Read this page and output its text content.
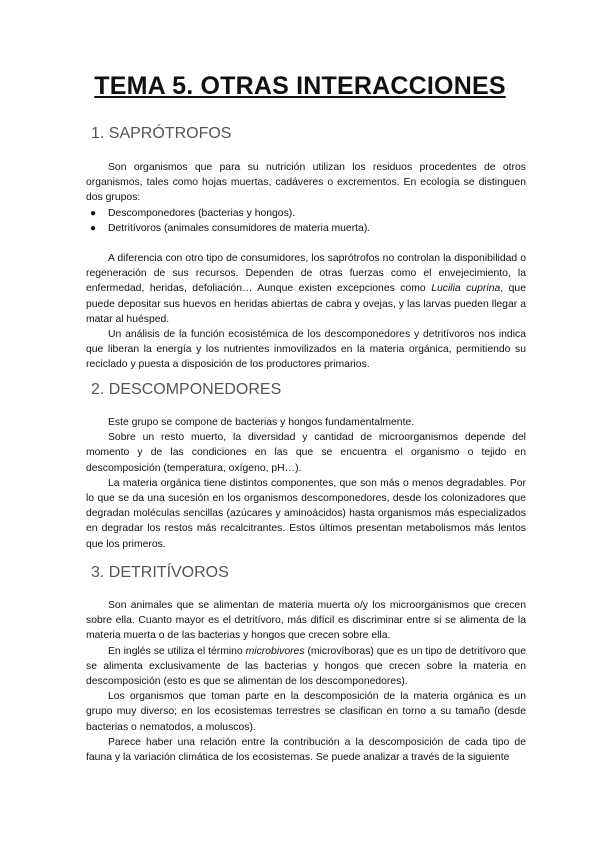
TEMA 5. OTRAS INTERACCIONES
1. SAPRÓTROFOS

Son organismos que para su nutrición utilizan los residuos procedentes de otros organismos, tales como hojas muertas, cadáveres o excrementos. En ecología se distinguen dos grupos:

● Descomponedores (bacterias y hongos).
● Detritívoros (animales consumidores de materia muerta).

A diferencia con otro tipo de consumidores, los saprótrofos no controlan la disponibilidad o regeneración de sus recursos. Dependen de otras fuerzas como el envejecimiento, la enfermedad, heridas, defoliación… Aunque existen excepciones como Lucilia cuprina, que puede depositar sus huevos en heridas abiertas de cabra y ovejas, y las larvas pueden llegar a matar al huésped.

Un análisis de la función ecosistémica de los descomponedores y detritívoros nos indica que liberan la energía y los nutrientes inmovilizados en la materia orgánica, permitiendo su reciclado y puesta a disposición de los productores primarios.

2. DESCOMPONEDORES

Este grupo se compone de bacterias y hongos fundamentalmente.

Sobre un resto muerto, la diversidad y cantidad de microorganismos depende del momento y de las condiciones en las que se encuentra el organismo o tejido en descomposición (temperatura, oxígeno, pH…).

La materia orgánica tiene distintos componentes, que son más o menos degradables. Por lo que se da una sucesión en los organismos descomponedores, desde los colonizadores que degradan moléculas sencillas (azúcares y aminoácidos) hasta organismos más especializados en degradar los restos más recalcitrantes. Estos últimos presentan metabolismos más lentos que los primeros.

3. DETRITÍVOROS

Son animales que se alimentan de materia muerta o/y los microorganismos que crecen sobre ella. Cuanto mayor es el detritívoro, más difícil es discriminar entre si se alimenta de la materia muerta o de las bacterias y hongos que crecen sobre ella.

En inglés se utiliza el término microbivores (microvíboras) que es un tipo de detritívoro que se alimenta exclusivamente de las bacterias y hongos que crecen sobre la materia en descomposición (esto es que se alimentan de los descomponedores).

Los organismos que toman parte en la descomposición de la materia orgánica es un grupo muy diverso; en los ecosistemas terrestres se clasifican en torno a su tamaño (desde bacterias o nematodos, a moluscos).

Parece haber una relación entre la contribución a la descomposición de cada tipo de fauna y la variación climática de los ecosistemas. Se puede analizar a través de la siguiente
